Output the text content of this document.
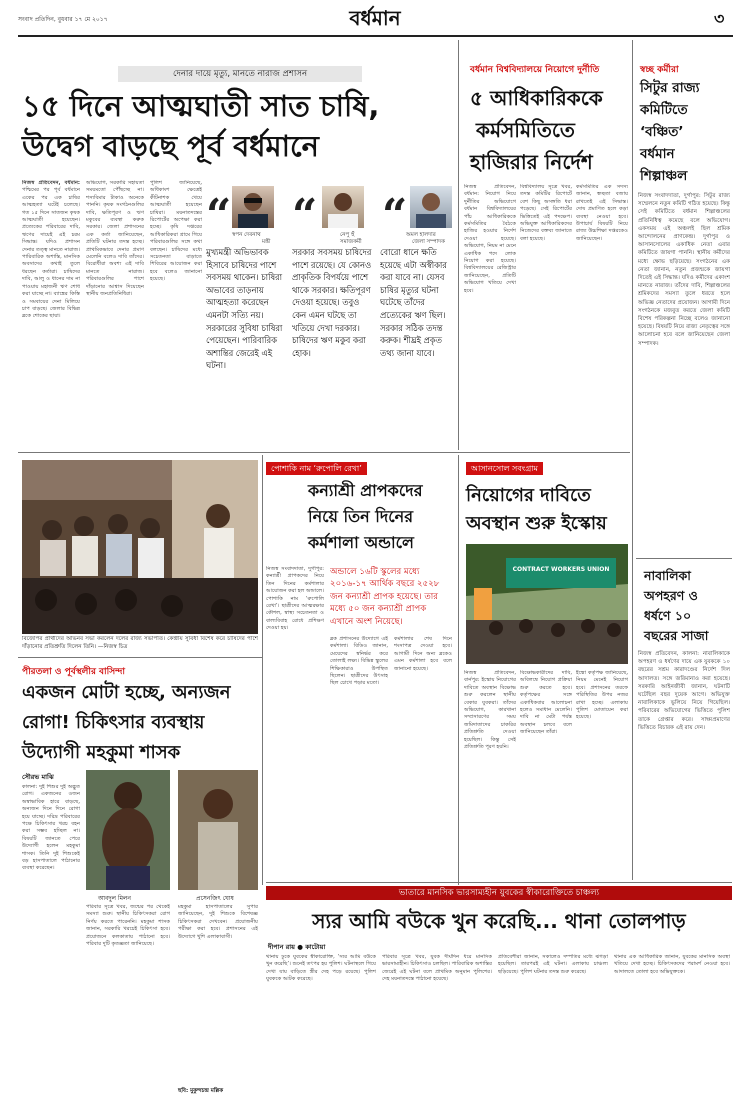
সংবাদ প্রতিদিন, বুধবার ১৭ মে ২০১৭	বর্ধমান	৩
দেনার দায়ে মৃত্যু, মানতে নারাজ প্রশাসন
১৫ দিনে আত্মঘাতী সাত চাষি,
উদ্বেগ বাড়ছে পূর্ব বর্ধমানে
নিজস্ব প্রতিবেদন, বর্ধমান: পশ্চিমের পর পূর্ব বর্ধমানে একের পর এক চাষির আত্মহত্যা ঘটেই চলেছে। গত ১৫ দিনে সাতজন কৃষক আত্মঘাতী হয়েছেন। প্রত্যেকের পরিবারের দাবি, ঋণের দায়েই এই চরম সিদ্ধান্ত। যদিও প্রশাসন দেনার তত্ত্ব মানতে নারাজ। পারিবারিক অশান্তি, মানসিক অবসাদের কথাই তুলে ধরছেন কর্তারা। চাষিদের দাবি, আলু ও ধানের দাম না পাওয়ায় মহাজনী ঋণ শোধ করা যাচ্ছে না। ব্যাঙ্কের কিস্তি ও সমবায়ের দেনা মিলিয়ে চাপ বাড়ছে। জেলার বিভিন্ন ব্লকে শোকের ছায়া।
অভিযোগ, সরকারি সহায়তা সময়মতো পৌঁছচ্ছে না। শস্যবিমার টাকাও অনেকে পাননি। কৃষক সংগঠনগুলির দাবি, ক্ষতিপূরণ ও ঋণ মকুবের ব্যবস্থা করুক সরকার। জেলা প্রশাসনের এক কর্তা জানিয়েছেন, প্রতিটি ঘটনার তদন্ত হচ্ছে। প্রাথমিকভাবে দেনার প্রমাণ মেলেনি বলেও দাবি তাঁদের। বিরোধীরা অবশ্য এই দাবি মানতে নারাজ। পরিবারগুলির পাশে দাঁড়ানোর আশ্বাস দিয়েছেন স্থানীয় জনপ্রতিনিধিরা।
পুলিশ জানিয়েছে, অধিকাংশ ক্ষেত্রেই কীটনাশক খেয়ে আত্মঘাতী হয়েছেন চাষিরা। ময়নাতদন্তের রিপোর্টের অপেক্ষা করা হচ্ছে। কৃষি দপ্তরের আধিকারিকরা গ্রামে গিয়ে পরিবারগুলির সঙ্গে কথা বলছেন। চাষিদের মধ্যে সচেতনতা বাড়াতে শিবিরের আয়োজন করা হবে বলেও জানানো হয়েছে।
“ স্বপন দেবনাথ
মন্ত্রী
মুখ্যমন্ত্রী অভিভাবক হিসাবে চাষিদের পাশে সবসময় থাকেন। চাষিরা অভাবের তাড়নায় আত্মহত্যা করেছেন এমনটা সত্যি নয়। সরকারের সুবিধা চাষিরা পেয়েছেন। পারিবারিক অশান্তির জেরেই এই ঘটনা।
“	নেপু হুঁ
সমাজকর্মী
সরকার সবসময় চাষিদের পাশে রয়েছে। যে কোনও প্রাকৃতিক বিপর্যয়ে পাশে থাকে সরকার। ক্ষতিপূরণ দেওয়া হয়েছে। তবুও কেন এমন ঘটছে তা খতিয়ে দেখা দরকার। চাষিদের ঋণ মকুব করা হোক।
“
অমল হালদার
জেলা সম্পাদক
বোরো ধানে ক্ষতি হয়েছে এটা অস্বীকার করা যাবে না। যেসব চাষির মৃত্যুর ঘটনা ঘটেছে তাঁদের প্রত্যেকের ঋণ ছিল। সরকার সঠিক তদন্ত করুক। শীঘ্রই প্রকৃত তথ্য জানা যাবে।
বর্ধমান বিশ্ববিদ্যালয়ে নিয়োগে দুর্নীতি
৫ আধিকারিককে
কর্মসমিতিতে
হাজিরার নির্দেশ
নিজস্ব প্রতিবেদন, বর্ধমান: নিয়োগ নিয়ে দুর্নীতির অভিযোগে বর্ধমান বিশ্ববিদ্যালয়ের পাঁচ আধিকারিককে কর্মসমিতির বৈঠকে হাজির হওয়ার নির্দেশ দেওয়া হয়েছে। অভিযোগ, নিয়ম না মেনে একাধিক পদে লোক নিয়োগ করা হয়েছে। বিশ্ববিদ্যালয়ের রেজিস্ট্রার জানিয়েছেন, প্রতিটি অভিযোগ খতিয়ে দেখা হবে।
বিশ্ববিদ্যালয় সূত্রে খবর, তদন্ত কমিটির রিপোর্টে বেশ কিছু অসঙ্গতি ধরা পড়েছে। সেই রিপোর্টের ভিত্তিতেই এই পদক্ষেপ। অভিযুক্ত আধিকারিকদের নিজেদের বক্তব্য জানাতে বলা হয়েছে।
কর্মসমিতির এক সদস্য জানান, স্বচ্ছতা বজায় রাখতেই এই সিদ্ধান্ত। দোষ প্রমাণিত হলে কড়া ব্যবস্থা নেওয়া হবে। উপাচার্য বিষয়টি নিয়ে রাজ্য উচ্চশিক্ষা দপ্তরকেও জানিয়েছেন।
স্বচ্ছ কর্মীরা
সিটুর রাজ্য
কমিটিতে
‘বঞ্চিত’
বর্ধমান
শিল্পাঞ্চল
নিজস্ব সংবাদদাতা, দুর্গাপুর: সিটুর রাজ্য সম্মেলনে নতুন কমিটি গঠিত হয়েছে। কিন্তু সেই কমিটিতে বর্ধমান শিল্পাঞ্চলের প্রতিনিধিত্ব কমেছে বলে অভিযোগ। একসময় এই অঞ্চলই ছিল শ্রমিক আন্দোলনের প্রাণকেন্দ্র। দুর্গাপুর ও আসানসোলের একাধিক নেতা এবার কমিটিতে জায়গা পাননি। স্থানীয় কর্মীদের মধ্যে ক্ষোভ ছড়িয়েছে। সংগঠনের এক নেতা জানান, নতুন প্রজন্মকে জায়গা দিতেই এই সিদ্ধান্ত। যদিও কর্মীদের একাংশ মানতে নারাজ। তাঁদের দাবি, শিল্পাঞ্চলের শ্রমিকদের সমস্যা তুলে ধরতে হলে অভিজ্ঞ নেতাদের প্রয়োজন। আগামী দিনে সংগঠনকে মজবুত করতে জেলা কমিটি বিশেষ পরিকল্পনা নিচ্ছে বলেও জানানো হয়েছে। বিষয়টি নিয়ে রাজ্য নেতৃত্বের সঙ্গে আলোচনা হবে বলে জানিয়েছেন জেলা সম্পাদক।
বিজেপির প্রার্থীদের অভিনব সভা করলেন দলের রাজ্য সভাপতি। কেন্দ্রীয় সুবিধা বিশেষ করে চাষিদের পাশে দাঁড়ানোর প্রতিশ্রুতি দিলেন তিনি। —নিজস্ব চিত্র
পোশাকি নাম ‘রুপোলি রেখা’
কন্যাশ্রী প্রাপকদের
নিয়ে তিন দিনের
কর্মশালা অন্ডালে
নিজস্ব সংবাদদাতা, দুর্গাপুর: কন্যাশ্রী প্রাপকদের নিয়ে তিন দিনের কর্মশালার আয়োজন করা হল অন্ডালে। পোশাকি নাম ‘রুপোলি রেখা’। ছাত্রীদের আত্মরক্ষার কৌশল, স্বাস্থ্য সচেতনতা ও বাল্যবিবাহ রোধে প্রশিক্ষণ দেওয়া হয়।
অন্ডালে ১৬টি স্কুলের মধ্যে ২০১৬-১৭ আর্থিক বছরে ২৫২৮ জন কন্যাশ্রী প্রাপক হয়েছে। তার মধ্যে ৫০ জন কন্যাশ্রী প্রাপক এখানে অংশ নিয়েছে।
ব্লক প্রশাসনের উদ্যোগে এই কর্মশালা। বিডিও জানান, মেয়েদের স্বনির্ভর করে তোলাই লক্ষ্য। বিভিন্ন স্কুলের শিক্ষিকারাও উপস্থিত ছিলেন। ছাত্রীদের উৎসাহ ছিল চোখে পড়ার মতো।
কর্মশালার শেষ দিনে শংসাপত্র দেওয়া হবে। আগামী দিনে অন্য ব্লকেও এমন কর্মশালা হবে বলে জানানো হয়েছে।
আসানসোল সবংগ্রাম
নিয়োগের দাবিতে
অবস্থান শুরু ইস্কোয়
CONTRACT WORKERS UNION
নিজস্ব প্রতিবেদন, বার্নপুর: ইস্কোয় নিয়োগের দাবিতে অবস্থান বিক্ষোভ শুরু করলেন স্থানীয় বেকার যুবকরা। তাঁদের অভিযোগ, কারখানা সম্প্রসারণের সময় জমিদাতাদের চাকরির প্রতিশ্রুতি দেওয়া হয়েছিল। কিন্তু সেই প্রতিশ্রুতি পূরণ হয়নি।
বিক্ষোভকারীদের দাবি, অবিলম্বে নিয়োগ প্রক্রিয়া শুরু করতে হবে। কর্তৃপক্ষের সঙ্গে একাধিকবার আলোচনা হলেও সমাধান মেলেনি। দাবি না মেটা পর্যন্ত অবস্থান চলবে বলে জানিয়েছেন তাঁরা।
ইস্কো কর্তৃপক্ষ জানিয়েছে, নিয়ম মেনেই নিয়োগ হবে। প্রশাসনের তরফে পরিস্থিতির উপর নজর রাখা হচ্ছে। এলাকায় পুলিশ মোতায়েন করা হয়েছে।
নাবালিকা
অপহরণ ও
ধর্ষণে ১০
বছরের সাজা
নিজস্ব প্রতিবেদন, কালনা: নাবালিকাকে অপহরণ ও ধর্ষণের দায়ে এক যুবককে ১০ বছরের সশ্রম কারাদণ্ডের নির্দেশ দিল আদালত। সঙ্গে জরিমানাও করা হয়েছে। সরকারি আইনজীবী জানান, ঘটনাটি ঘটেছিল বছর দুয়েক আগে। অভিযুক্ত নাবালিকাকে ভুলিয়ে নিয়ে গিয়েছিল। পরিবারের অভিযোগের ভিত্তিতে পুলিশ তাকে গ্রেপ্তার করে। সাক্ষ্যপ্রমাণের ভিত্তিতে বিচারক এই রায় দেন।
পীরতলা ও পূর্বস্থলীর বাসিন্দা
একজন মোটা হচ্ছে, অন্যজন
রোগা! চিকিৎসার ব্যবস্থায়
উদ্যোগী মহকুমা শাসক
সৌরভ মাঝি
কালনা: দুই শিশুর দুই অদ্ভুত রোগ। একজনের ওজন অস্বাভাবিক হারে বাড়ছে, অন্যজন দিনে দিনে রোগা হয়ে যাচ্ছে। দরিদ্র পরিবারের পক্ষে চিকিৎসার খরচ বহন করা সম্ভব হচ্ছিল না। বিষয়টি জানতে পেরে উদ্যোগী হলেন মহকুমা শাসক। তিনি দুই শিশুকেই বড় হাসপাতালে পাঠানোর ব্যবস্থা করেছেন।
আবদুল মিলন	প্রসেনজিৎ ঘোষ
পরিবার সূত্রে খবর, জন্মের পর থেকেই সমস্যা শুরু। স্থানীয় চিকিৎসকরা রোগ নির্ণয় করতে পারেননি। মহকুমা শাসক জানান, সরকারি খরচেই চিকিৎসা হবে। প্রয়োজনে কলকাতায় পাঠানো হবে। পরিবার দুটি কৃতজ্ঞতা জানিয়েছে।
মহকুমা হাসপাতালের সুপার জানিয়েছেন, দুই শিশুকে বিশেষজ্ঞ চিকিৎসকরা দেখবেন। প্রয়োজনীয় পরীক্ষা করা হবে। প্রশাসনের এই উদ্যোগে খুশি এলাকাবাসী।
ছবি: মুকুন্দচন্দ্র মল্লিক
ভাতারে মানসিক ভারসাম্যহীন যুবকের স্বীকারোক্তিতে চাঞ্চল্য
স্যর আমি বউকে খুন করেছি... থানা তোলপাড়
দীপান রায় ● কাটোয়া
থানায় ঢুকে যুবকের স্বীকারোক্তি, ‘স্যর আমি বউকে খুন করেছি’। শুনেই তৎপর হয় পুলিশ। ঘটনাস্থলে গিয়ে দেখা যায় বাড়িতে স্ত্রীর দেহ পড়ে রয়েছে। পুলিশ যুবককে আটক করেছে।
পরিবার সূত্রে খবর, যুবক দীর্ঘদিন ধরে মানসিক ভারসাম্যহীন। চিকিৎসাও চলছিল। পারিবারিক অশান্তির জেরেই এই ঘটনা বলে প্রাথমিক অনুমান পুলিশের। দেহ ময়নাতদন্তে পাঠানো হয়েছে।
প্রতিবেশীরা জানান, সকালেও দম্পতির মধ্যে ঝগড়া হয়েছিল। তারপরই এই ঘটনা। এলাকায় চাঞ্চল্য ছড়িয়েছে। পুলিশ ঘটনার তদন্ত শুরু করেছে।
থানার এক আধিকারিক জানান, যুবকের মানসিক অবস্থা খতিয়ে দেখা হচ্ছে। চিকিৎসকদের পরামর্শ নেওয়া হবে। আদালতে তোলা হবে অভিযুক্তকে।
